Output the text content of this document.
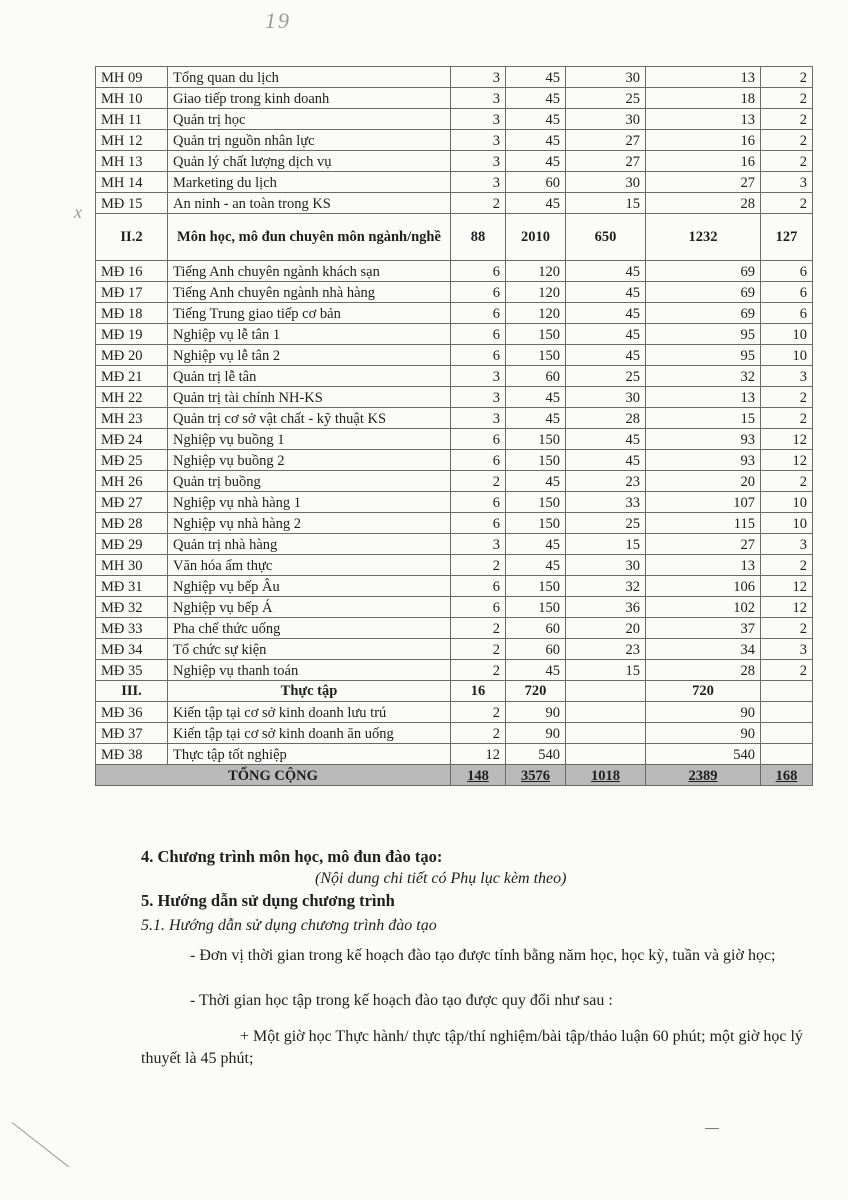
19
x
MH 09	Tổng quan du lịch	3	45	30	13	2
MH 10	Giao tiếp trong kinh doanh	3	45	25	18	2
MH 11	Quản trị học	3	45	30	13	2
MH 12	Quản trị nguồn nhân lực	3	45	27	16	2
MH 13	Quản lý chất lượng dịch vụ	3	45	27	16	2
MH 14	Marketing du lịch	3	60	30	27	3
MĐ 15	An ninh - an toàn trong KS	2	45	15	28	2
II.2	Môn học, mô đun chuyên môn ngành/nghề	88	2010	650	1232	127
MĐ 16	Tiếng Anh chuyên ngành khách sạn	6	120	45	69	6
MĐ 17	Tiếng Anh chuyên ngành nhà hàng	6	120	45	69	6
MĐ 18	Tiếng Trung giao tiếp cơ bản	6	120	45	69	6
MĐ 19	Nghiệp vụ lễ tân 1	6	150	45	95	10
MĐ 20	Nghiệp vụ lễ tân 2	6	150	45	95	10
MĐ 21	Quản trị lễ tân	3	60	25	32	3
MH 22	Quản trị tài chính NH-KS	3	45	30	13	2
MH 23	Quản trị cơ sở vật chất - kỹ thuật KS	3	45	28	15	2
MĐ 24	Nghiệp vụ buồng 1	6	150	45	93	12
MĐ 25	Nghiệp vụ buồng 2	6	150	45	93	12
MH 26	Quản trị buồng	2	45	23	20	2
MĐ 27	Nghiệp vụ nhà hàng 1	6	150	33	107	10
MĐ 28	Nghiệp vụ nhà hàng 2	6	150	25	115	10
MĐ 29	Quản trị nhà hàng	3	45	15	27	3
MH 30	Văn hóa ẩm thực	2	45	30	13	2
MĐ 31	Nghiệp vụ bếp Âu	6	150	32	106	12
MĐ 32	Nghiệp vụ bếp Á	6	150	36	102	12
MĐ 33	Pha chế thức uống	2	60	20	37	2
MĐ 34	Tổ chức sự kiện	2	60	23	34	3
MĐ 35	Nghiệp vụ thanh toán	2	45	15	28	2
III.	Thực tập	16	720		720	
MĐ 36	Kiến tập tại cơ sở kinh doanh lưu trú	2	90		90	
MĐ 37	Kiến tập tại cơ sở kinh doanh ăn uống	2	90		90	
MĐ 38	Thực tập tốt nghiệp	12	540		540	
TỔNG CỘNG		148	3576	1018	2389	168
4. Chương trình môn học, mô đun đào tạo:
(Nội dung chi tiết có Phụ lục kèm theo)
5. Hướng dẫn sử dụng chương trình
5.1. Hướng dẫn sử dụng chương trình đào tạo
- Đơn vị thời gian trong kế hoạch đào tạo được tính bằng năm học, học kỳ, tuần và giờ học;
- Thời gian học tập trong kế hoạch đào tạo được quy đổi như sau :
+ Một giờ học Thực hành/ thực tập/thí nghiệm/bài tập/thảo luận 60 phút; một giờ học lý thuyết là 45 phút;
